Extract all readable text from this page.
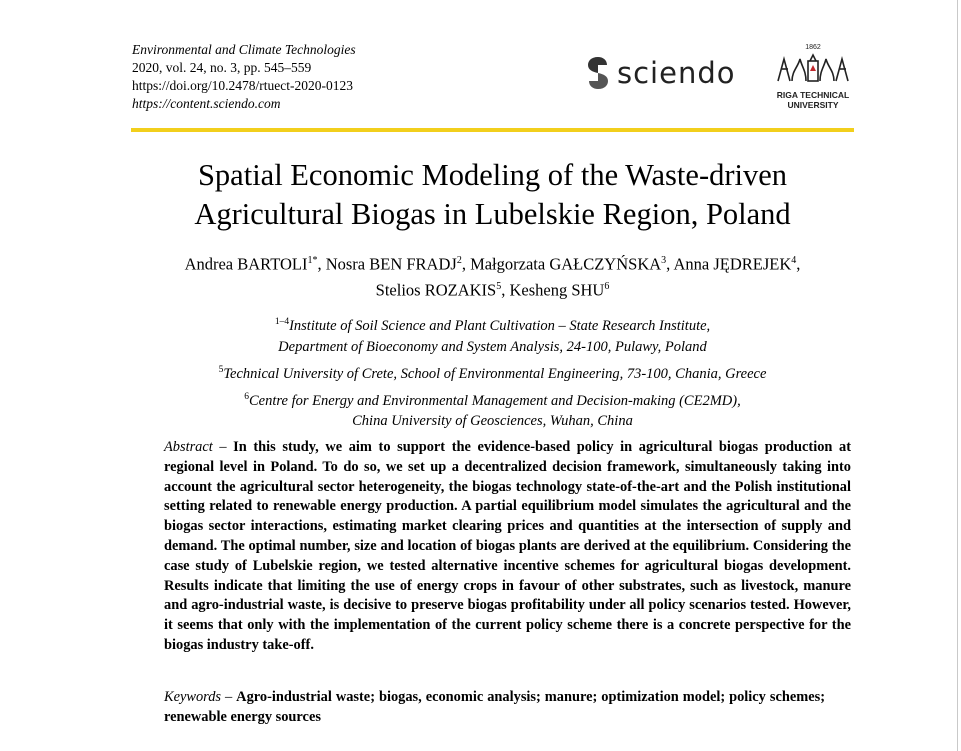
Environmental and Climate Technologies
2020, vol. 24, no. 3, pp. 545–559
https://doi.org/10.2478/rtuect-2020-0123
https://content.sciendo.com
sciendo
1862
RIGA TECHNICAL
UNIVERSITY
Spatial Economic Modeling of the Waste-driven
Agricultural Biogas in Lubelskie Region, Poland
Andrea $BARTOLI^{1*}$, Nosra BEN FRADJ$^2$, Małgorzata GAŁCZYŃSKA$^3$, Anna JĘDREJEK$^4$,
Stelios ROZAKIS$^5$, Kesheng SHU$^6$
$^{1-4}$Institute of Soil Science and Plant Cultivation – State Research Institute,
Department of Bioeconomy and System Analysis, 24-100, Pulawy, Poland
$^5$Technical University of Crete, School of Environmental Engineering, 73-100, Chania, Greece
$^6$Centre for Energy and Environmental Management and Decision-making (CE2MD),
China University of Geosciences, Wuhan, China
Abstract – In this study, we aim to support the evidence-based policy in agricultural biogas production at regional level in Poland. To do so, we set up a decentralized decision framework, simultaneously taking into account the agricultural sector heterogeneity, the biogas technology state-of-the-art and the Polish institutional setting related to renewable energy production. A partial equilibrium model simulates the agricultural and the biogas sector interactions, estimating market clearing prices and quantities at the intersection of supply and demand. The optimal number, size and location of biogas plants are derived at the equilibrium. Considering the case study of Lubelskie region, we tested alternative incentive schemes for agricultural biogas development. Results indicate that limiting the use of energy crops in favour of other substrates, such as livestock, manure and agro-industrial waste, is decisive to preserve biogas profitability under all policy scenarios tested. However, it seems that only with the implementation of the current policy scheme there is a concrete perspective for the biogas industry take-off.
Keywords – Agro-industrial waste; biogas, economic analysis; manure; optimization model; policy schemes; renewable energy sources
